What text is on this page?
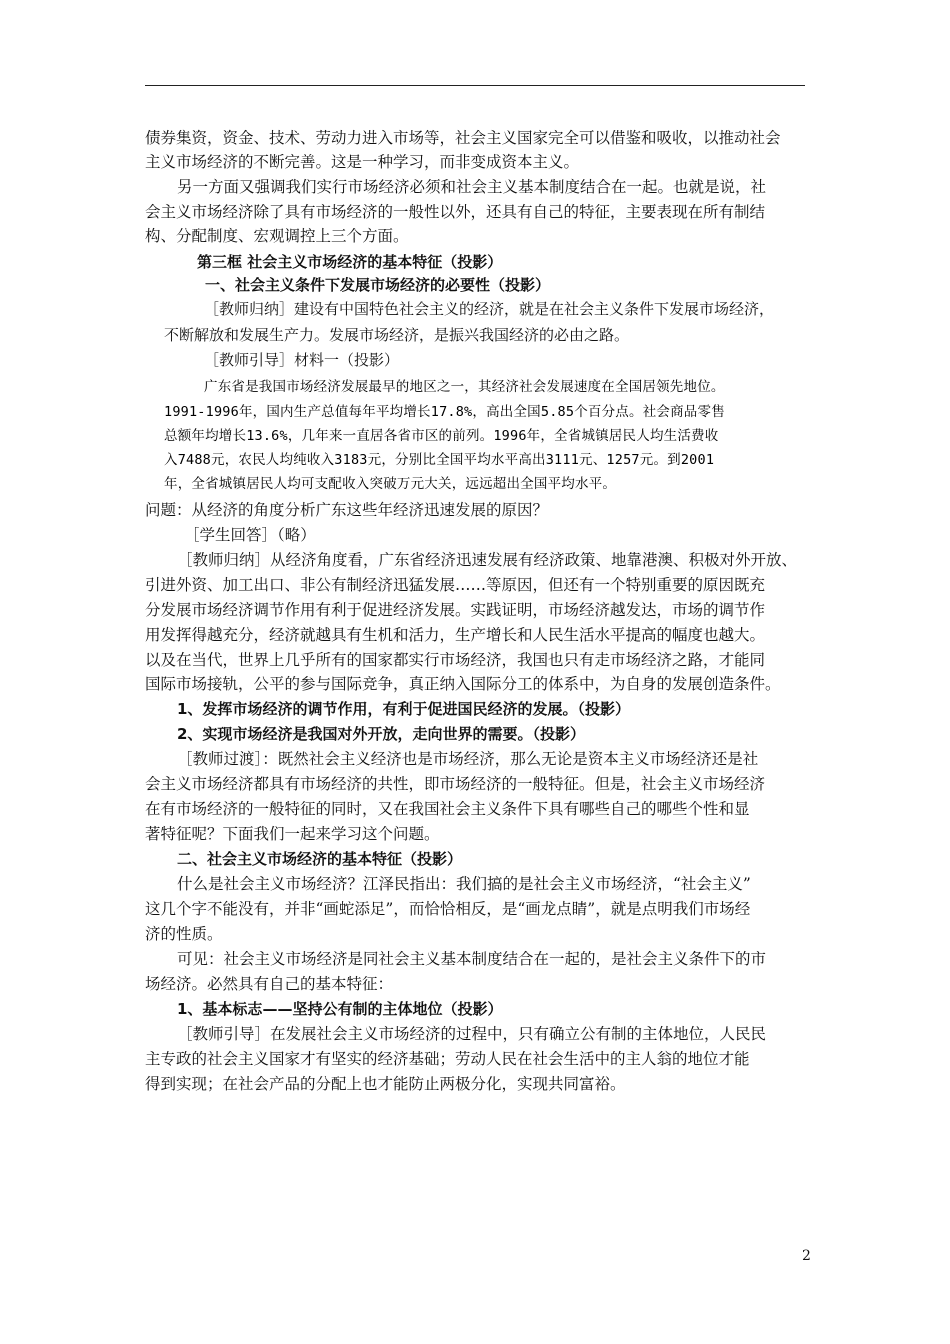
债券集资，资金、技术、劳动力进入市场等，社会主义国家完全可以借鉴和吸收，以推动社会
主义市场经济的不断完善。这是一种学习，而非变成资本主义。
另一方面又强调我们实行市场经济必须和社会主义基本制度结合在一起。也就是说，社
会主义市场经济除了具有市场经济的一般性以外，还具有自己的特征，主要表现在所有制结
构、分配制度、宏观调控上三个方面。
第三框 社会主义市场经济的基本特征（投影）
一、社会主义条件下发展市场经济的必要性（投影）
［教师归纳］建设有中国特色社会主义的经济，就是在社会主义条件下发展市场经济，
不断解放和发展生产力。发展市场经济，是振兴我国经济的必由之路。
［教师引导］材料一（投影）
广东省是我国市场经济发展最早的地区之一，其经济社会发展速度在全国居领先地位。
1991-1996年，国内生产总值每年平均增长17.8%，高出全国5.85个百分点。社会商品零售
总额年均增长13.6%，几年来一直居各省市区的前列。1996年，全省城镇居民人均生活费收
入7488元，农民人均纯收入3183元，分别比全国平均水平高出3111元、1257元。到2001
年，全省城镇居民人均可支配收入突破万元大关，远远超出全国平均水平。
问题：从经济的角度分析广东这些年经济迅速发展的原因？
［学生回答］（略）
［教师归纳］从经济角度看，广东省经济迅速发展有经济政策、地靠港澳、积极对外开放、
引进外资、加工出口、非公有制经济迅猛发展……等原因，但还有一个特别重要的原因既充
分发展市场经济调节作用有利于促进经济发展。实践证明，市场经济越发达，市场的调节作
用发挥得越充分，经济就越具有生机和活力，生产增长和人民生活水平提高的幅度也越大。
以及在当代，世界上几乎所有的国家都实行市场经济，我国也只有走市场经济之路，才能同
国际市场接轨，公平的参与国际竞争，真正纳入国际分工的体系中，为自身的发展创造条件。
1、发挥市场经济的调节作用，有利于促进国民经济的发展。（投影）
2、实现市场经济是我国对外开放，走向世界的需要。（投影）
［教师过渡］：既然社会主义经济也是市场经济，那么无论是资本主义市场经济还是社
会主义市场经济都具有市场经济的共性，即市场经济的一般特征。但是，社会主义市场经济
在有市场经济的一般特征的同时，又在我国社会主义条件下具有哪些自己的哪些个性和显
著特征呢？下面我们一起来学习这个问题。
二、社会主义市场经济的基本特征（投影）
什么是社会主义市场经济？江泽民指出：我们搞的是社会主义市场经济，“社会主义”
这几个字不能没有，并非“画蛇添足”，而恰恰相反，是“画龙点睛”，就是点明我们市场经
济的性质。
可见：社会主义市场经济是同社会主义基本制度结合在一起的，是社会主义条件下的市
场经济。必然具有自己的基本特征：
1、基本标志——坚持公有制的主体地位（投影）
［教师引导］在发展社会主义市场经济的过程中，只有确立公有制的主体地位，人民民
主专政的社会主义国家才有坚实的经济基础；劳动人民在社会生活中的主人翁的地位才能
得到实现；在社会产品的分配上也才能防止两极分化，实现共同富裕。
2
